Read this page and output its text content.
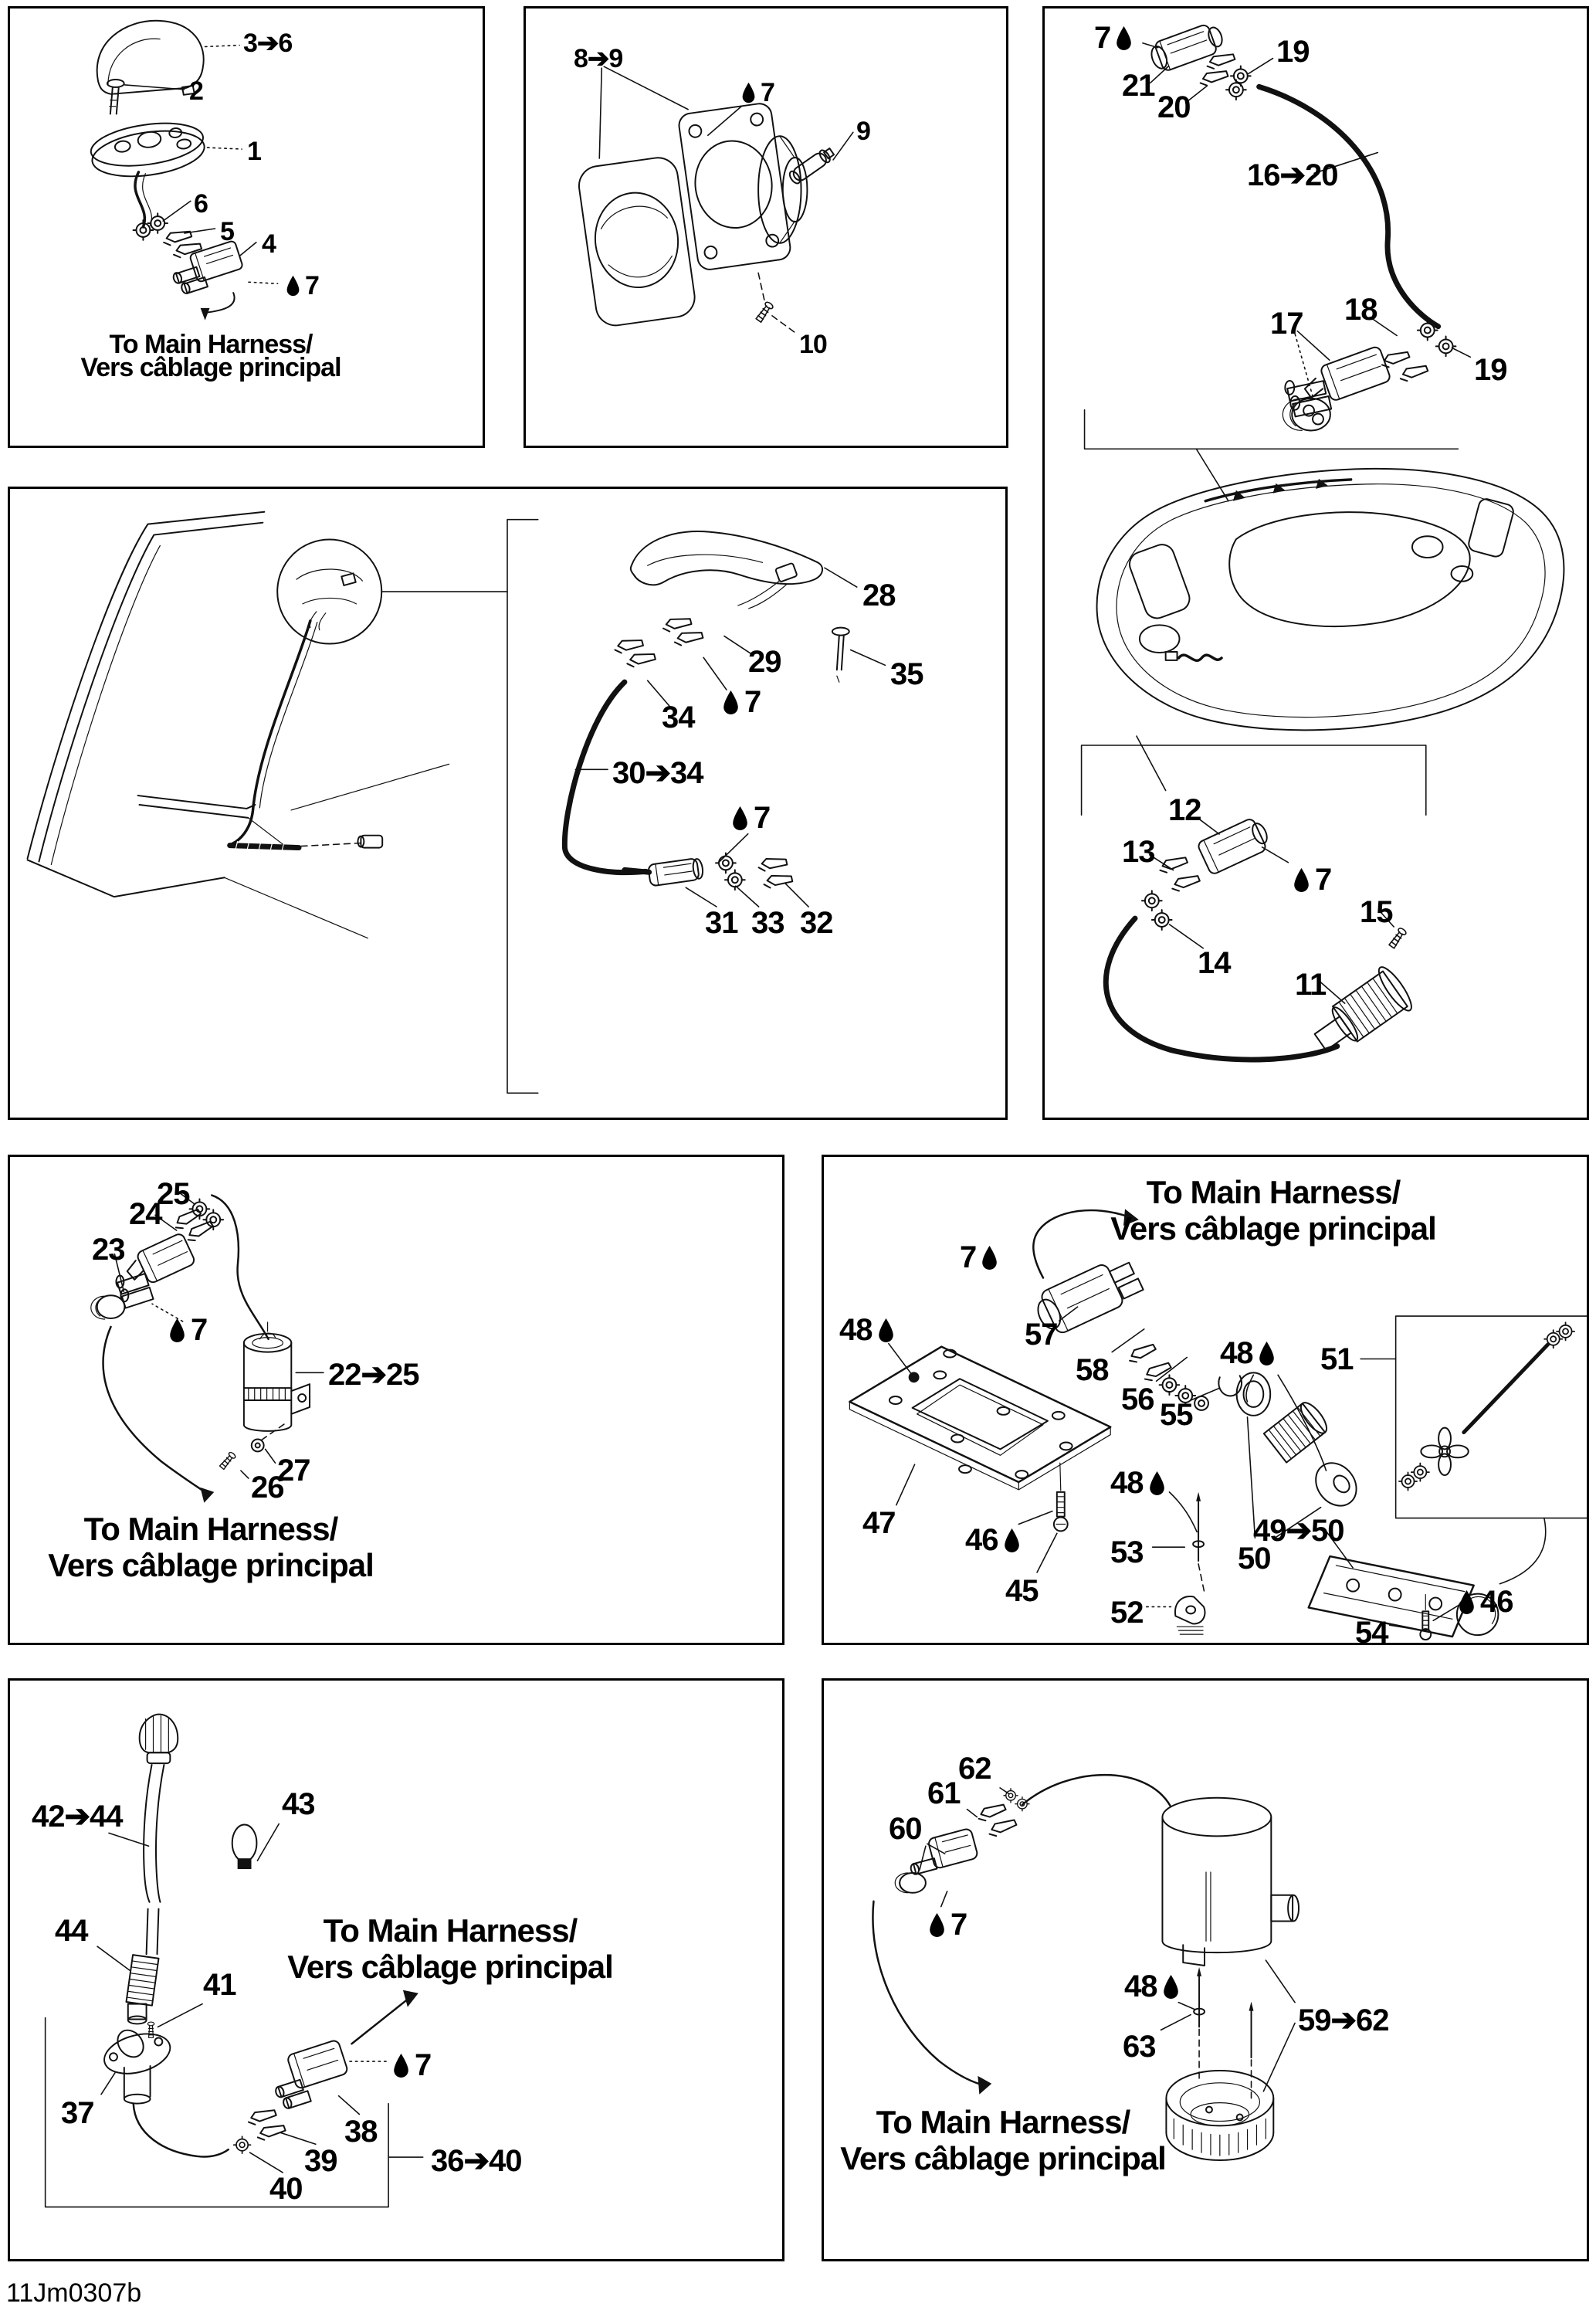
3➔6
2
1
6
5 4
7
To Main Harness/
Vers câblage principal
8➔9
7
9
10
7
21
20
19
16➔20
17 18
19
12
13
7
14
15
11
28
29
34 7
35
30➔34
7
31 33 32
25
24
23
7
22➔25
26
27
To Main Harness/
Vers câblage principal
7
48	57
58
56 55
48 51
50
47 46
45
48
53
52
49➔50
54
46
To Main Harness/
Vers câblage principal
42➔44	43
44
41
37
7
38
39
40
36➔40
To Main Harness/
Vers câblage principal
62
61
60
7
48
63
59➔62
To Main Harness/
Vers câblage principal
11Jm0307b
